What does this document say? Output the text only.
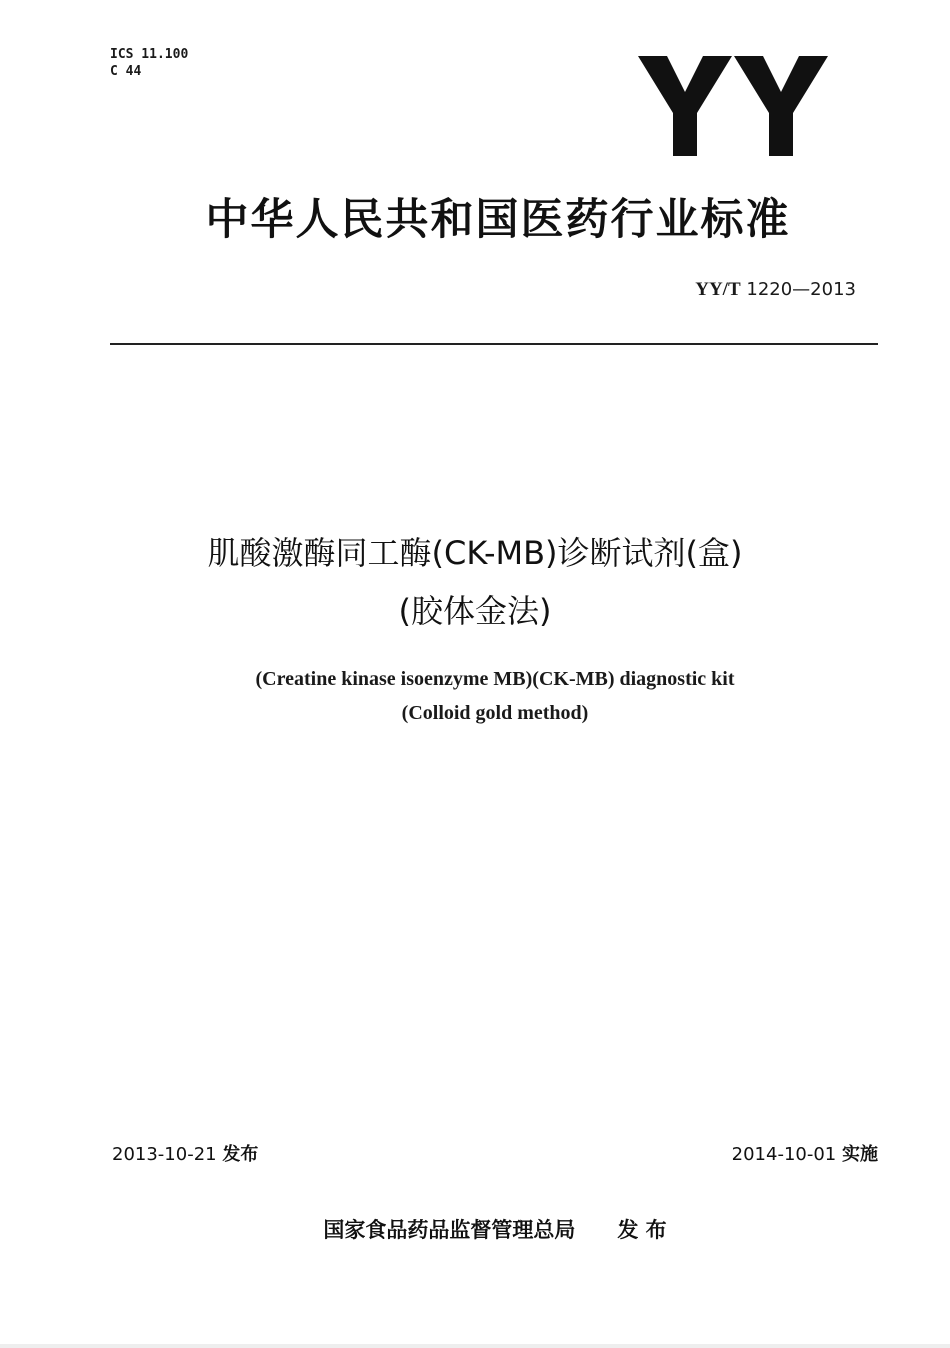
ICS 11.100
C 44
中华人民共和国医药行业标准
YY/T 1220—2013
肌酸激酶同工酶(CK-MB)诊断试剂(盒)
(胶体金法)
(Creatine kinase isoenzyme MB)(CK-MB) diagnostic kit
(Colloid gold method)
2013-10-21 发布	2014-10-01 实施
国家食品药品监督管理总局 发 布
